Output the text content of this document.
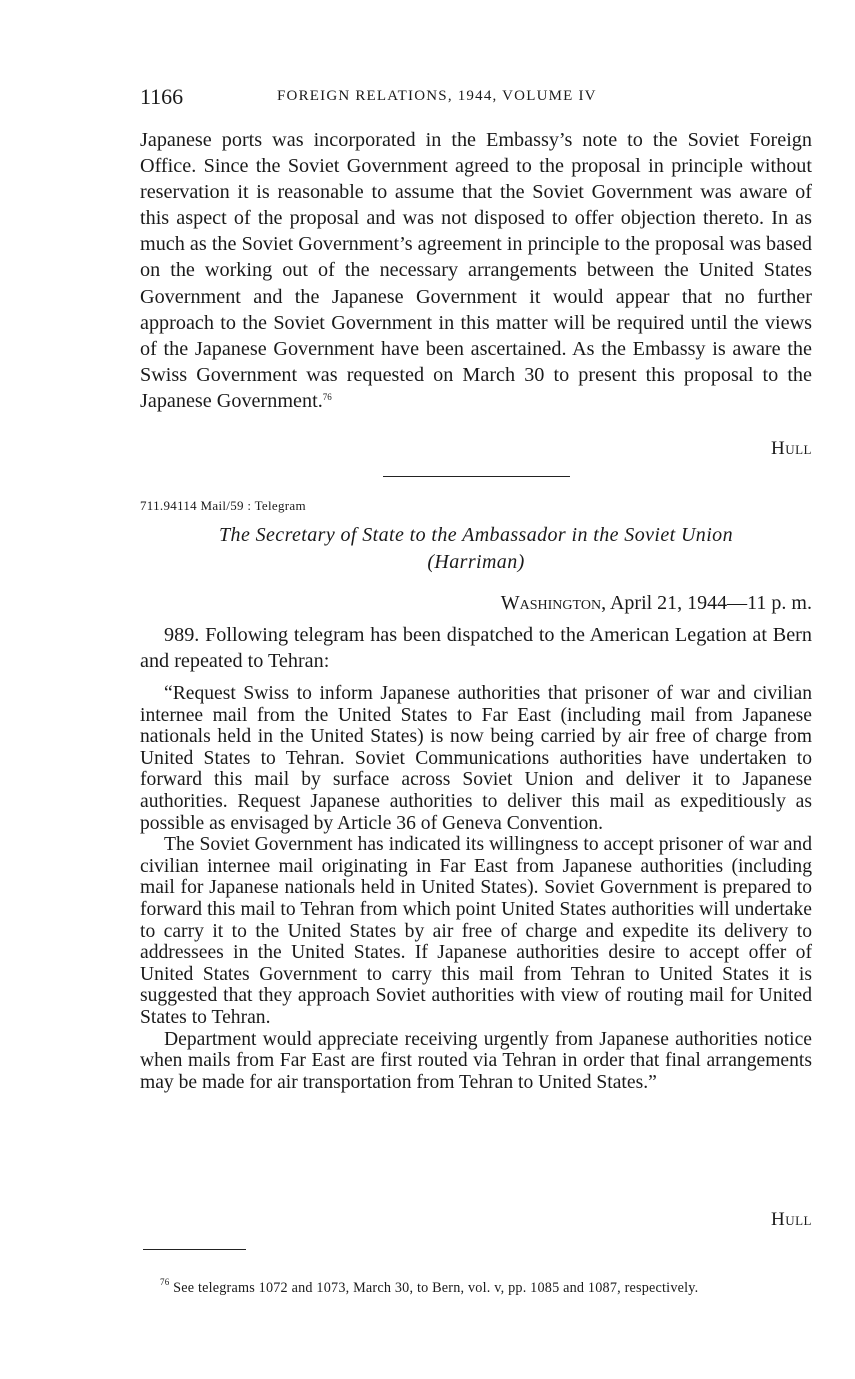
1166	FOREIGN RELATIONS, 1944, VOLUME IV

Japanese ports was incorporated in the Embassy’s note to the Soviet Foreign Office. Since the Soviet Government agreed to the proposal in principle without reservation it is reasonable to assume that the Soviet Government was aware of this aspect of the proposal and was not disposed to offer objection thereto. In as much as the Soviet Government’s agreement in principle to the proposal was based on the working out of the necessary arrangements between the United States Government and the Japanese Government it would appear that no further approach to the Soviet Government in this matter will be required until the views of the Japanese Government have been ascertained. As the Embassy is aware the Swiss Government was requested on March 30 to present this proposal to the Japanese Government.$^{76}$

Hull
711.94114 Mail/59 : Telegram
The Secretary of State to the Ambassador in the Soviet Union
(Harriman)
Washington, April 21, 1944—11 p. m.

989. Following telegram has been dispatched to the American Legation at Bern and repeated to Tehran:

“Request Swiss to inform Japanese authorities that prisoner of war and civilian internee mail from the United States to Far East (including mail from Japanese nationals held in the United States) is now being carried by air free of charge from United States to Tehran. Soviet Communications authorities have undertaken to forward this mail by surface across Soviet Union and deliver it to Japanese authorities. Request Japanese authorities to deliver this mail as expeditiously as possible as envisaged by Article 36 of Geneva Convention.

The Soviet Government has indicated its willingness to accept prisoner of war and civilian internee mail originating in Far East from Japanese authorities (including mail for Japanese nationals held in United States). Soviet Government is prepared to forward this mail to Tehran from which point United States authorities will undertake to carry it to the United States by air free of charge and expedite its delivery to addressees in the United States. If Japanese authorities desire to accept offer of United States Government to carry this mail from Tehran to United States it is suggested that they approach Soviet authorities with view of routing mail for United States to Tehran.

Department would appreciate receiving urgently from Japanese authorities notice when mails from Far East are first routed via Tehran in order that final arrangements may be made for air transportation from Tehran to United States.”

Hull

$^{76}$ See telegrams 1072 and 1073, March 30, to Bern, vol. v, pp. 1085 and 1087, respectively.
